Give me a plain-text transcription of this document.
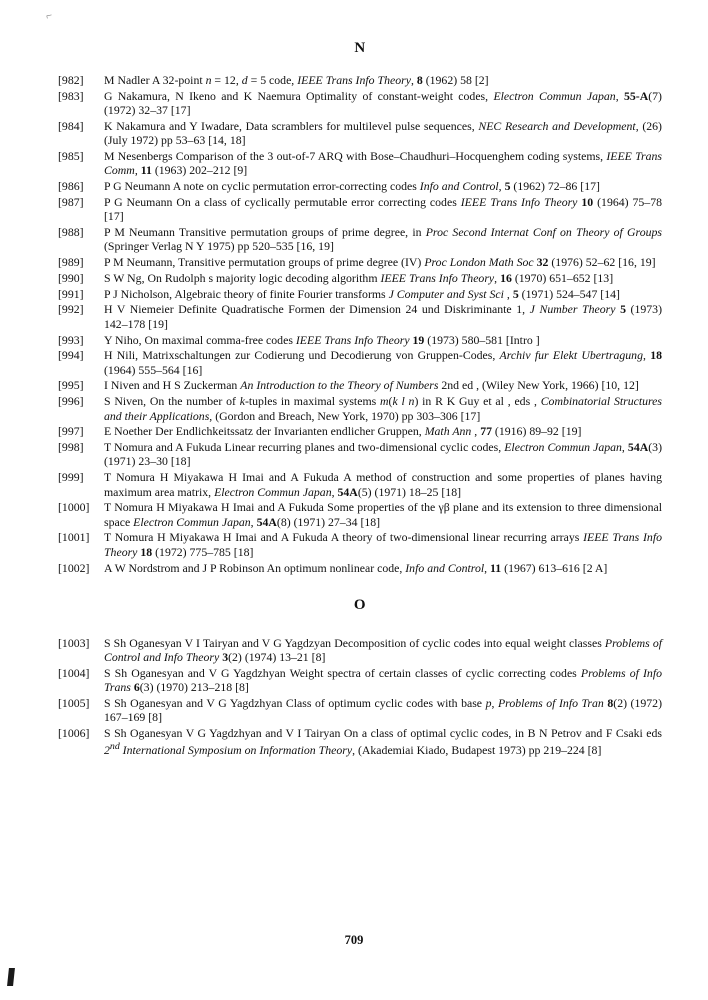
⌐
N
[982]	M Nadler A 32-point n = 12, d = 5 code, IEEE Trans Info Theory, 8 (1962) 58 [2]
[983]	G Nakamura, N Ikeno and K Naemura Optimality of constant-weight codes, Electron Commun Japan, 55-A(7) (1972) 32–37 [17]
[984]	K Nakamura and Y Iwadare, Data scramblers for multilevel pulse sequences, NEC Research and Development, (26) (July 1972) pp 53–63 [14, 18]
[985]	M Nesenbergs Comparison of the 3 out-of-7 ARQ with Bose–Chaudhuri–Hocquenghem coding systems, IEEE Trans Comm, 11 (1963) 202–212 [9]
[986]	P G Neumann A note on cyclic permutation error-correcting codes Info and Control, 5 (1962) 72–86 [17]
[987]	P G Neumann On a class of cyclically permutable error correcting codes IEEE Trans Info Theory 10 (1964) 75–78 [17]
[988]	P M Neumann Transitive permutation groups of prime degree, in Proc Second Internat Conf on Theory of Groups (Springer Verlag N Y 1975) pp 520–535 [16, 19]
[989]	P M Neumann, Transitive permutation groups of prime degree (IV) Proc London Math Soc 32 (1976) 52–62 [16, 19]
[990]	S W Ng, On Rudolph s majority logic decoding algorithm IEEE Trans Info Theory, 16 (1970) 651–652 [13]
[991]	P J Nicholson, Algebraic theory of finite Fourier transforms J Computer and Syst Sci , 5 (1971) 524–547 [14]
[992]	H V Niemeier Definite Quadratische Formen der Dimension 24 und Diskriminante 1, J Number Theory 5 (1973) 142–178 [19]
[993]	Y Niho, On maximal comma-free codes IEEE Trans Info Theory 19 (1973) 580–581 [Intro ]
[994]	H Nili, Matrixschaltungen zur Codierung und Decodierung von Gruppen-Codes, Archiv fur Elekt Ubertragung, 18 (1964) 555–564 [16]
[995]	I Niven and H S Zuckerman An Introduction to the Theory of Numbers 2nd ed , (Wiley New York, 1966) [10, 12]
[996]	S Niven, On the number of k-tuples in maximal systems m(k l n) in R K Guy et al , eds , Combinatorial Structures and their Applications, (Gordon and Breach, New York, 1970) pp 303–306 [17]
[997]	E Noether Der Endlichkeitssatz der Invarianten endlicher Gruppen, Math Ann , 77 (1916) 89–92 [19]
[998]	T Nomura and A Fukuda Linear recurring planes and two-dimensional cyclic codes, Electron Commun Japan, 54A(3) (1971) 23–30 [18]
[999]	T Nomura H Miyakawa H Imai and A Fukuda A method of construction and some properties of planes having maximum area matrix, Electron Commun Japan, 54A(5) (1971) 18–25 [18]
[1000]	T Nomura H Miyakawa H Imai and A Fukuda Some properties of the γβ plane and its extension to three dimensional space Electron Commun Japan, 54A(8) (1971) 27–34 [18]
[1001]	T Nomura H Miyakawa H Imai and A Fukuda A theory of two-dimensional linear recurring arrays IEEE Trans Info Theory 18 (1972) 775–785 [18]
[1002]	A W Nordstrom and J P Robinson An optimum nonlinear code, Info and Control, 11 (1967) 613–616 [2 A]
O
[1003]	S Sh Oganesyan V I Tairyan and V G Yagdzyan Decomposition of cyclic codes into equal weight classes Problems of Control and Info Theory 3(2) (1974) 13–21 [8]
[1004]	S Sh Oganesyan and V G Yagdzhyan Weight spectra of certain classes of cyclic correcting codes Problems of Info Trans 6(3) (1970) 213–218 [8]
[1005]	S Sh Oganesyan and V G Yagdzhyan Class of optimum cyclic codes with base p, Problems of Info Tran 8(2) (1972) 167–169 [8]
[1006]	S Sh Oganesyan V G Yagdzhyan and V I Tairyan On a class of optimal cyclic codes, in B N Petrov and F Csaki eds 2nd International Symposium on Information Theory, (Akademiai Kiado, Budapest 1973) pp 219–224 [8]
709
